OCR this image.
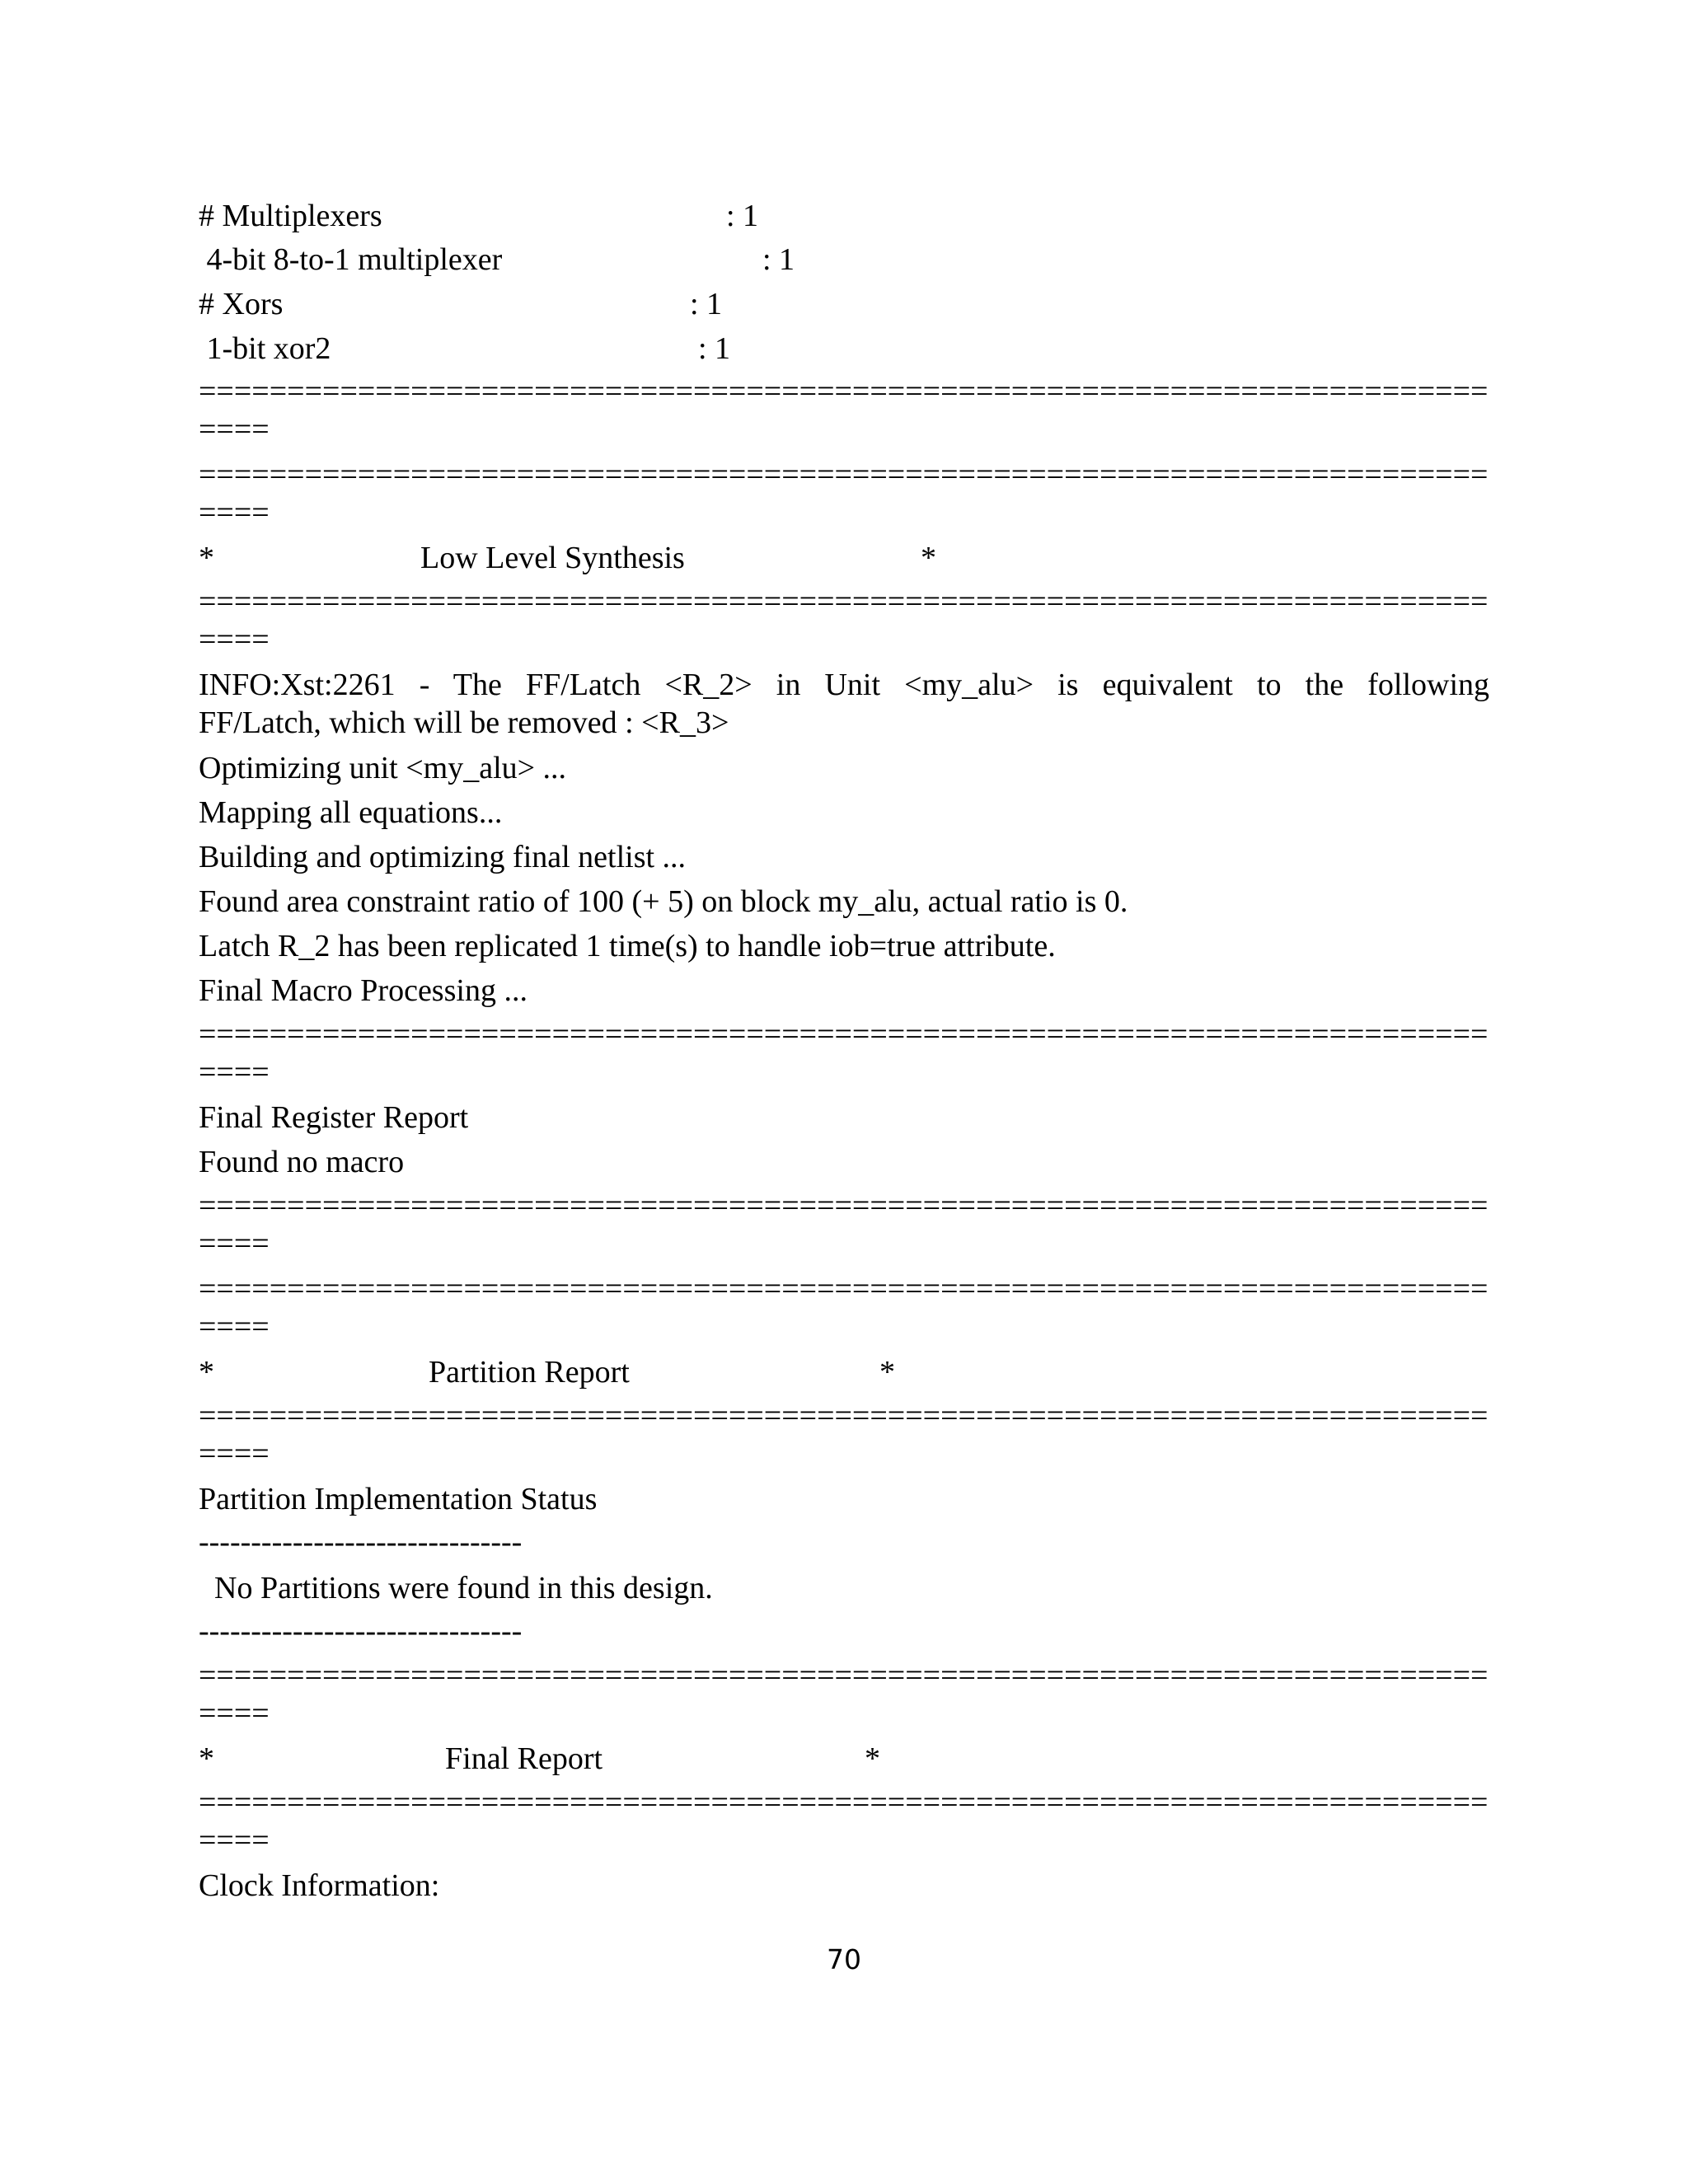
# Multiplexers	: 1
4-bit 8-to-1 multiplexer	: 1
# Xors	: 1
1-bit xor2	: 1
=========================================================================
====
=========================================================================
====
*	Low Level Synthesis	*
=========================================================================
====
INFO:Xst:2261 - The FF/Latch <R_2> in Unit <my_alu> is equivalent to the following
FF/Latch, which will be removed : <R_3>
Optimizing unit <my_alu> ...
Mapping all equations...
Building and optimizing final netlist ...
Found area constraint ratio of 100 (+ 5) on block my_alu, actual ratio is 0.
Latch R_2 has been replicated 1 time(s) to handle iob=true attribute.
Final Macro Processing ...
=========================================================================
====
Final Register Report
Found no macro
=========================================================================
====
=========================================================================
====
*	Partition Report	*
=========================================================================
====
Partition Implementation Status
-------------------------------
No Partitions were found in this design.
-------------------------------
=========================================================================
====
*	Final Report	*
=========================================================================
====
Clock Information:
70
